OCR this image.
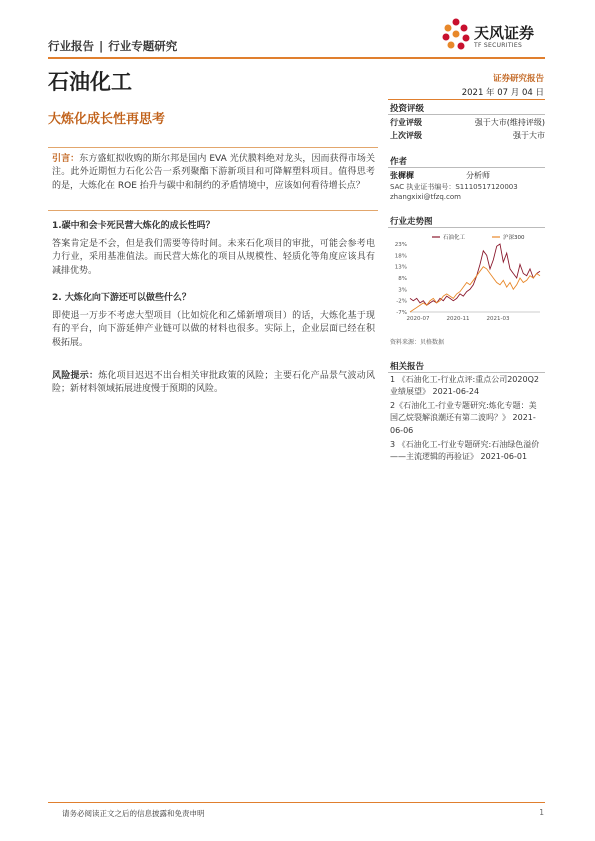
行业报告 | 行业专题研究
天风证券
TF SECURITIES
石油化工
大炼化成长性再思考
证券研究报告
2021 年 07 月 04 日
投资评级
行业评级	强于大市(维持评级)
上次评级	强于大市
作者
张樨樨	分析师
SAC 执业证书编号：S1110517120003
zhangxixi@tfzq.com
行业走势图
23%
18%
13%
8%
3%
-2%
-7%
2020-07	2020-11	2021-03
石油化工	沪深300
资料来源：贝格数据
相关报告
1 《石油化工-行业点评:重点公司2020Q2业绩展望》 2021-06-24
2《石油化工-行业专题研究:炼化专题：美国乙烷裂解浪潮还有第二波吗？》 2021-06-06
3 《石油化工-行业专题研究:石油绿色溢价——主流逻辑的再验证》 2021-06-01
引言：东方盛虹拟收购的斯尔邦是国内 EVA 光伏膜料绝对龙头，因而获得市场关注。此外近期恒力石化公告一系列聚酯下游新项目和可降解塑料项目。值得思考的是，大炼化在 ROE 抬升与碳中和制约的矛盾情境中，应该如何看待增长点？
1.碳中和会卡死民营大炼化的成长性吗？
答案肯定是不会，但是我们需要等待时间。未来石化项目的审批，可能会参考电力行业，采用基准值法。而民营大炼化的项目从规模性、轻质化等角度应该具有减排优势。
2. 大炼化向下游还可以做些什么？
即使退一万步不考虑大型项目（比如烷化和乙烯新增项目）的话，大炼化基于现有的平台，向下游延伸产业链可以做的材料也很多。实际上，企业层面已经在积极拓展。
风险提示：炼化项目迟迟不出台相关审批政策的风险；主要石化产品景气波动风险；新材料领域拓展进度慢于预期的风险。
请务必阅读正文之后的信息披露和免责申明	1
